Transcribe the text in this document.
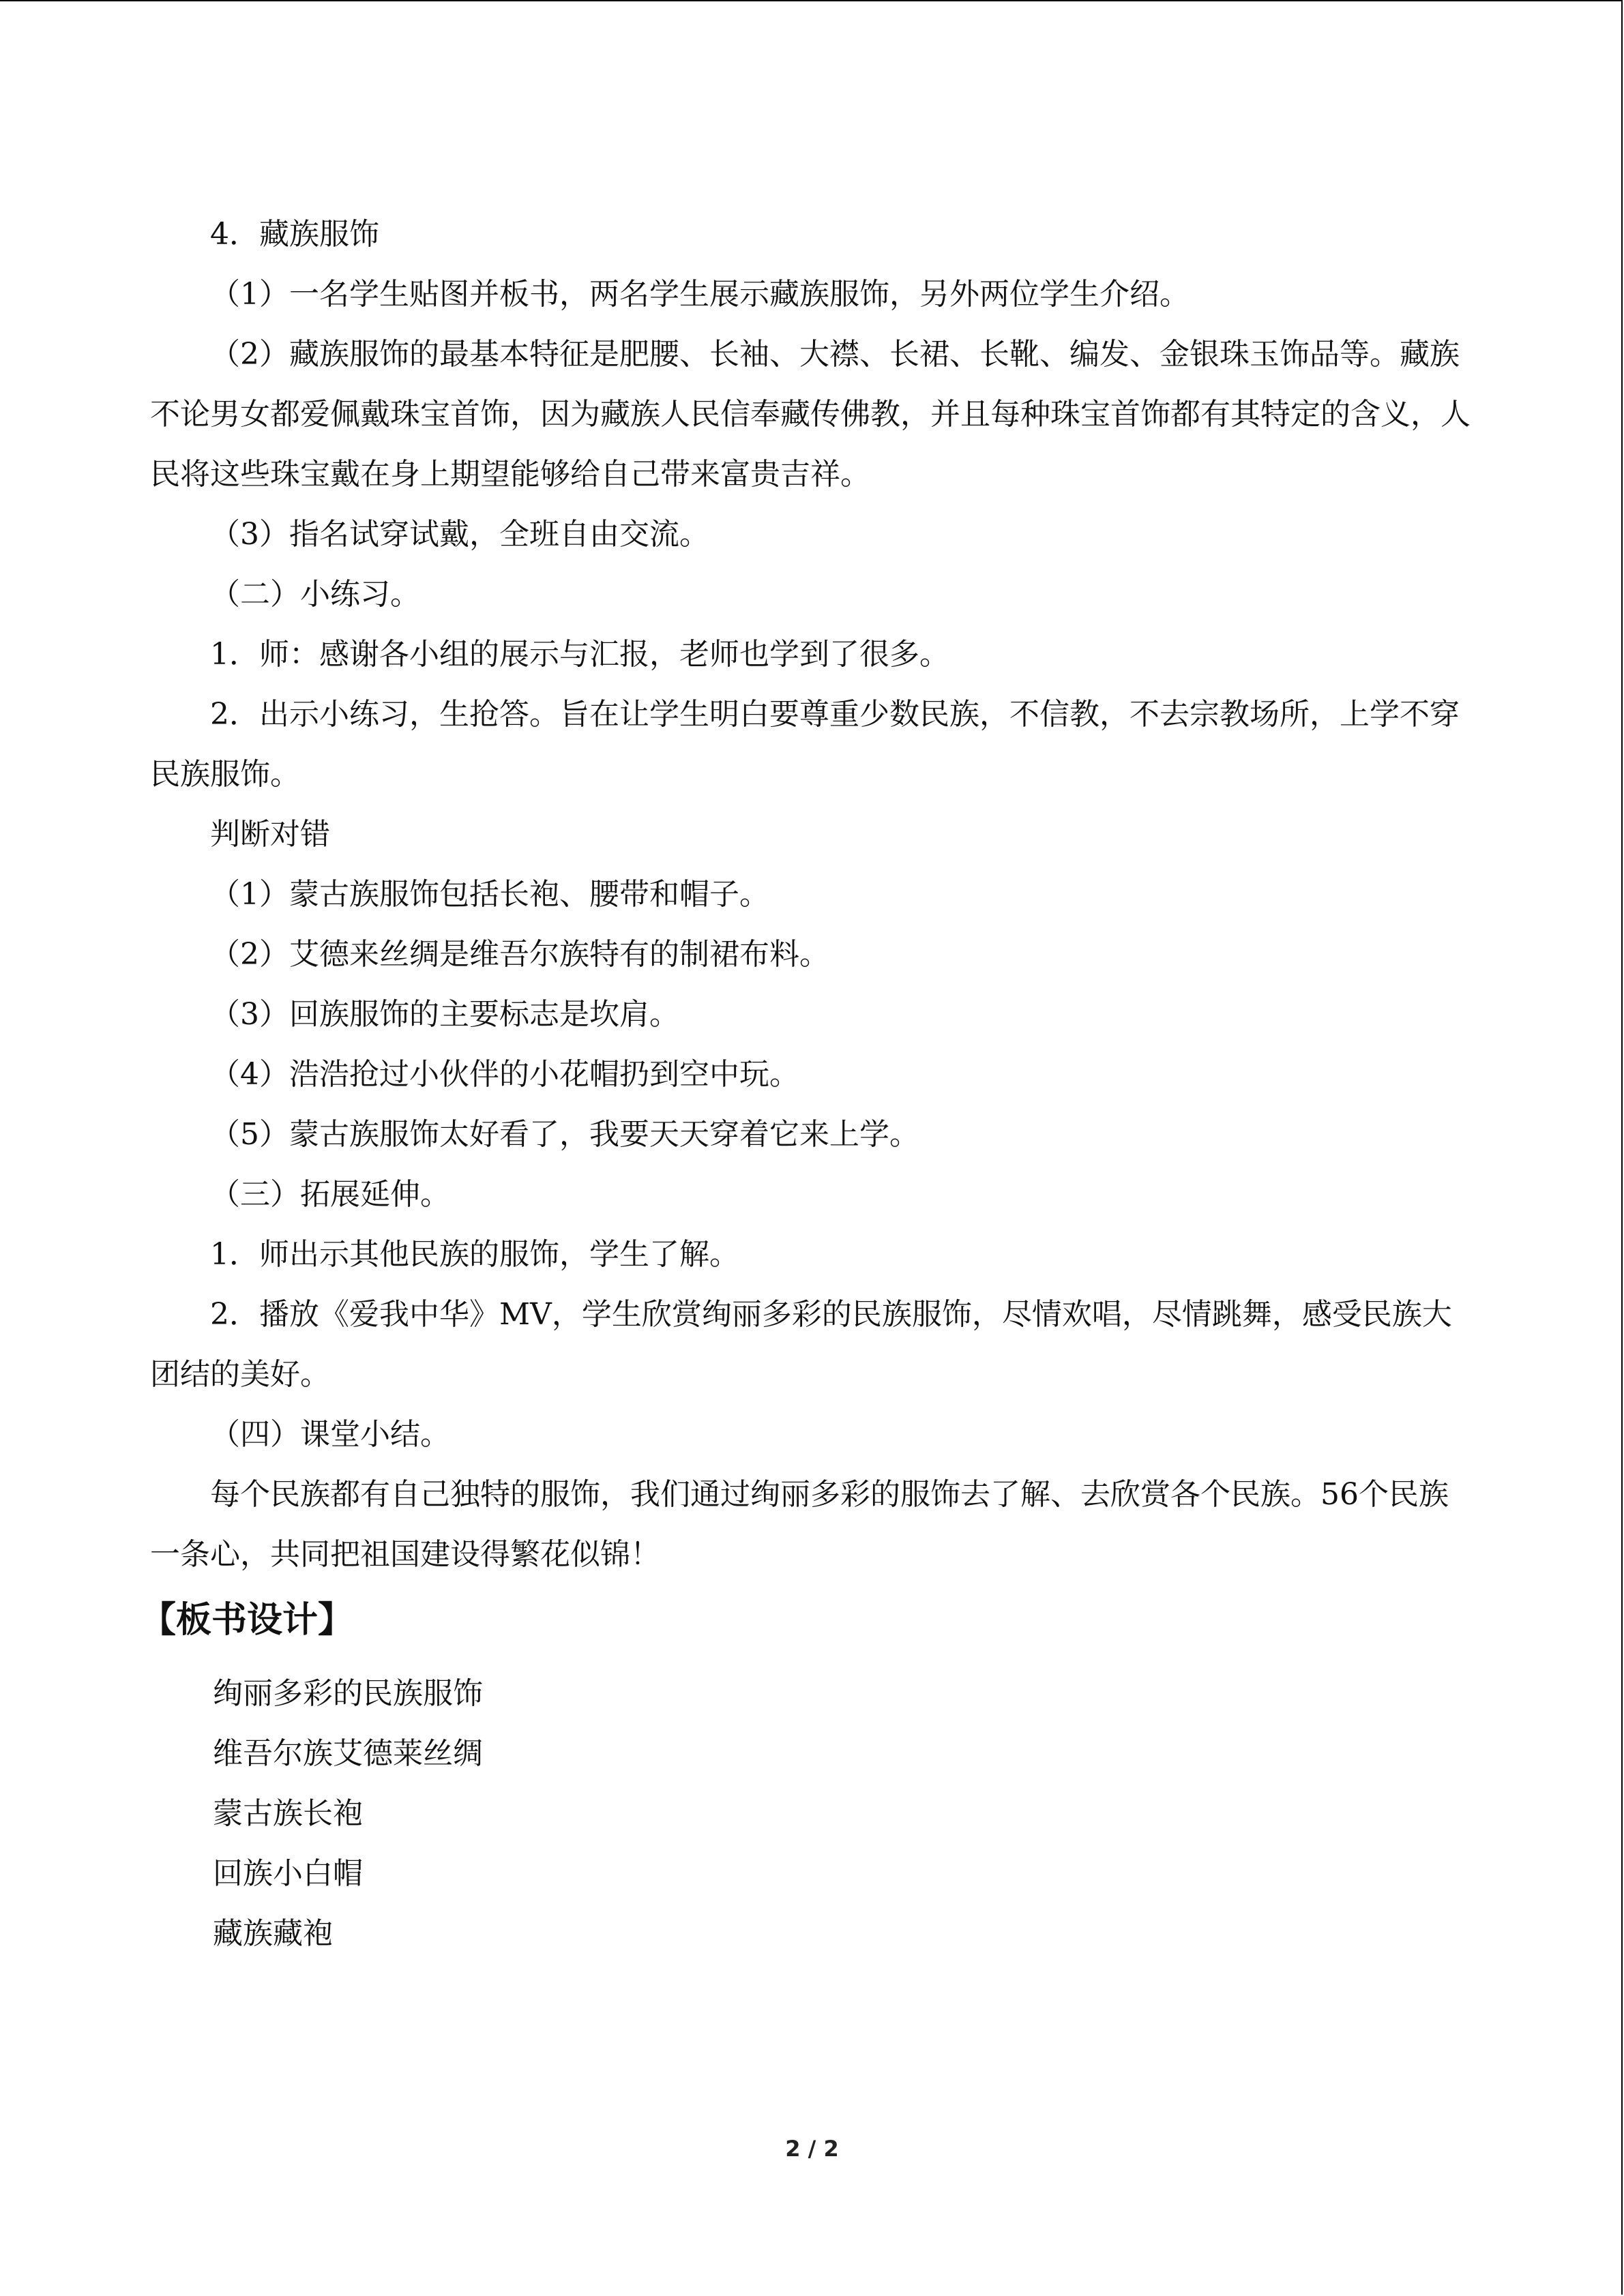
4．藏族服饰

（1）一名学生贴图并板书，两名学生展示藏族服饰，另外两位学生介绍。

（2）藏族服饰的最基本特征是肥腰、长袖、大襟、长裙、长靴、编发、金银珠玉饰品等。藏族不论男女都爱佩戴珠宝首饰，因为藏族人民信奉藏传佛教，并且每种珠宝首饰都有其特定的含义，人民将这些珠宝戴在身上期望能够给自己带来富贵吉祥。

（3）指名试穿试戴，全班自由交流。

（二）小练习。

1．师：感谢各小组的展示与汇报，老师也学到了很多。

2．出示小练习，生抢答。旨在让学生明白要尊重少数民族，不信教，不去宗教场所，上学不穿民族服饰。

判断对错

（1）蒙古族服饰包括长袍、腰带和帽子。

（2）艾德来丝绸是维吾尔族特有的制裙布料。

（3）回族服饰的主要标志是坎肩。

（4）浩浩抢过小伙伴的小花帽扔到空中玩。

（5）蒙古族服饰太好看了，我要天天穿着它来上学。

（三）拓展延伸。

1．师出示其他民族的服饰，学生了解。

2．播放《爱我中华》MV，学生欣赏绚丽多彩的民族服饰，尽情欢唱，尽情跳舞，感受民族大团结的美好。

（四）课堂小结。

每个民族都有自己独特的服饰，我们通过绚丽多彩的服饰去了解、去欣赏各个民族。56个民族一条心，共同把祖国建设得繁花似锦！

【板书设计】

绚丽多彩的民族服饰

维吾尔族艾德莱丝绸

蒙古族长袍

回族小白帽

藏族藏袍

2 / 2
